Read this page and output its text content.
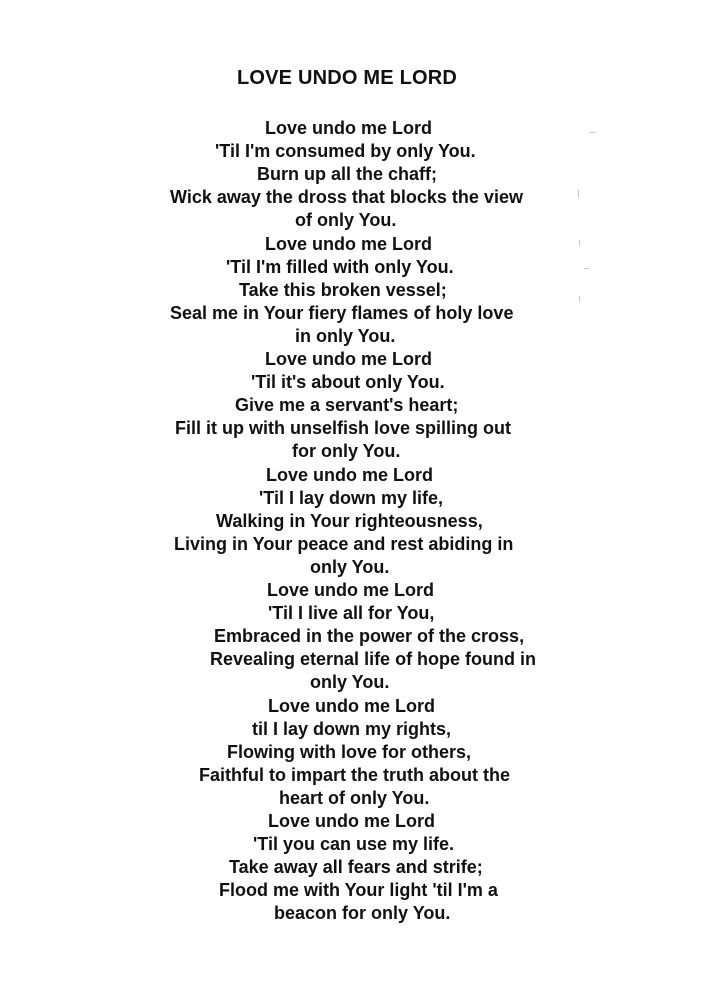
LOVE UNDO ME LORD
Love undo me Lord
'Til I'm consumed by only You.
Burn up all the chaff;
Wick away the dross that blocks the view
of only You.
Love undo me Lord
'Til I'm filled with only You.
Take this broken vessel;
Seal me in Your fiery flames of holy love
in only You.
Love undo me Lord
'Til it's about only You.
Give me a servant's heart;
Fill it up with unselfish love spilling out
for only You.
Love undo me Lord
'Til I lay down my life,
Walking in Your righteousness,
Living in Your peace and rest abiding in
only You.
Love undo me Lord
'Til I live all for You,
Embraced in the power of the cross,
Revealing eternal life of hope found in
only You.
Love undo me Lord
til I lay down my rights,
Flowing with love for others,
Faithful to impart the truth about the
heart of only You.
Love undo me Lord
'Til you can use my life.
Take away all fears and strife;
Flood me with Your light 'til I'm a
beacon for only You.
